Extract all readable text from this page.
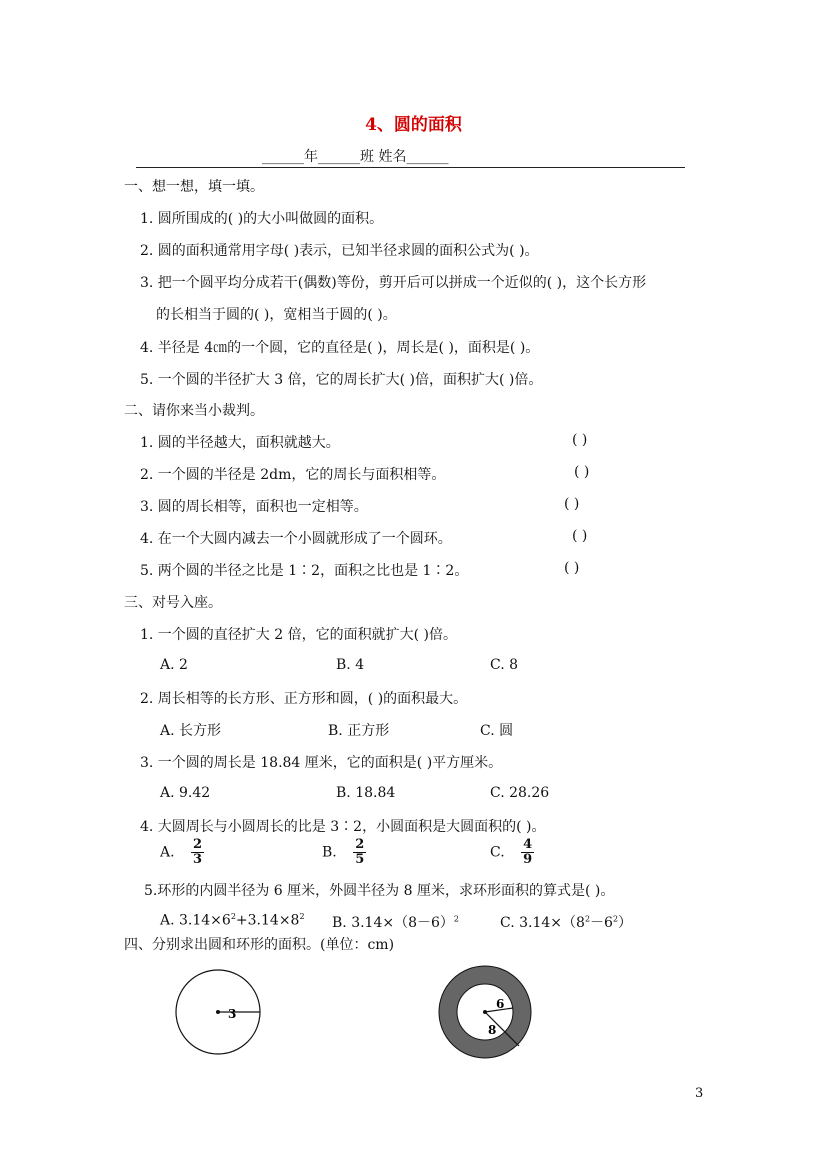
4、圆的面积
______年______班 姓名______
一、想一想，填一填。
1. 圆所围成的( )的大小叫做圆的面积。
2. 圆的面积通常用字母( )表示，已知半径求圆的面积公式为( )。
3. 把一个圆平均分成若干(偶数)等份，剪开后可以拼成一个近似的( )，这个长方形
的长相当于圆的( )，宽相当于圆的( )。
4. 半径是 4㎝的一个圆，它的直径是( )，周长是( )，面积是( )。
5. 一个圆的半径扩大 3 倍，它的周长扩大( )倍，面积扩大( )倍。
二、请你来当小裁判。
1. 圆的半径越大，面积就越大。	( )
2. 一个圆的半径是 2dm，它的周长与面积相等。	( )
3. 圆的周长相等，面积也一定相等。	( )
4. 在一个大圆内减去一个小圆就形成了一个圆环。	( )
5. 两个圆的半径之比是 1∶2，面积之比也是 1∶2。	( )
三、对号入座。
1. 一个圆的直径扩大 2 倍，它的面积就扩大( )倍。
A. 2	B. 4	C. 8
2. 周长相等的长方形、正方形和圆，( )的面积最大。
A. 长方形	B. 正方形	C. 圆
3. 一个圆的周长是 18.84 厘米，它的面积是( )平方厘米。
A. 9.42	B. 18.84	C. 28.26
4. 大圆周长与小圆周长的比是 3∶2，小圆面积是大圆面积的( )。
A. $\frac{2}{3}$	B. $\frac{2}{5}$	C. $\frac{4}{9}$
5.环形的内圆半径为 6 厘米，外圆半径为 8 厘米，求环形面积的算式是( )。
A. $3.14\times 6^2+3.14\times 8^2$ B. $3.14\times(8-6)^2$	C. $3.14\times(8^2-6^2)$
四、分别求出圆和环形的面积。(单位：cm)
3
6
8
3
